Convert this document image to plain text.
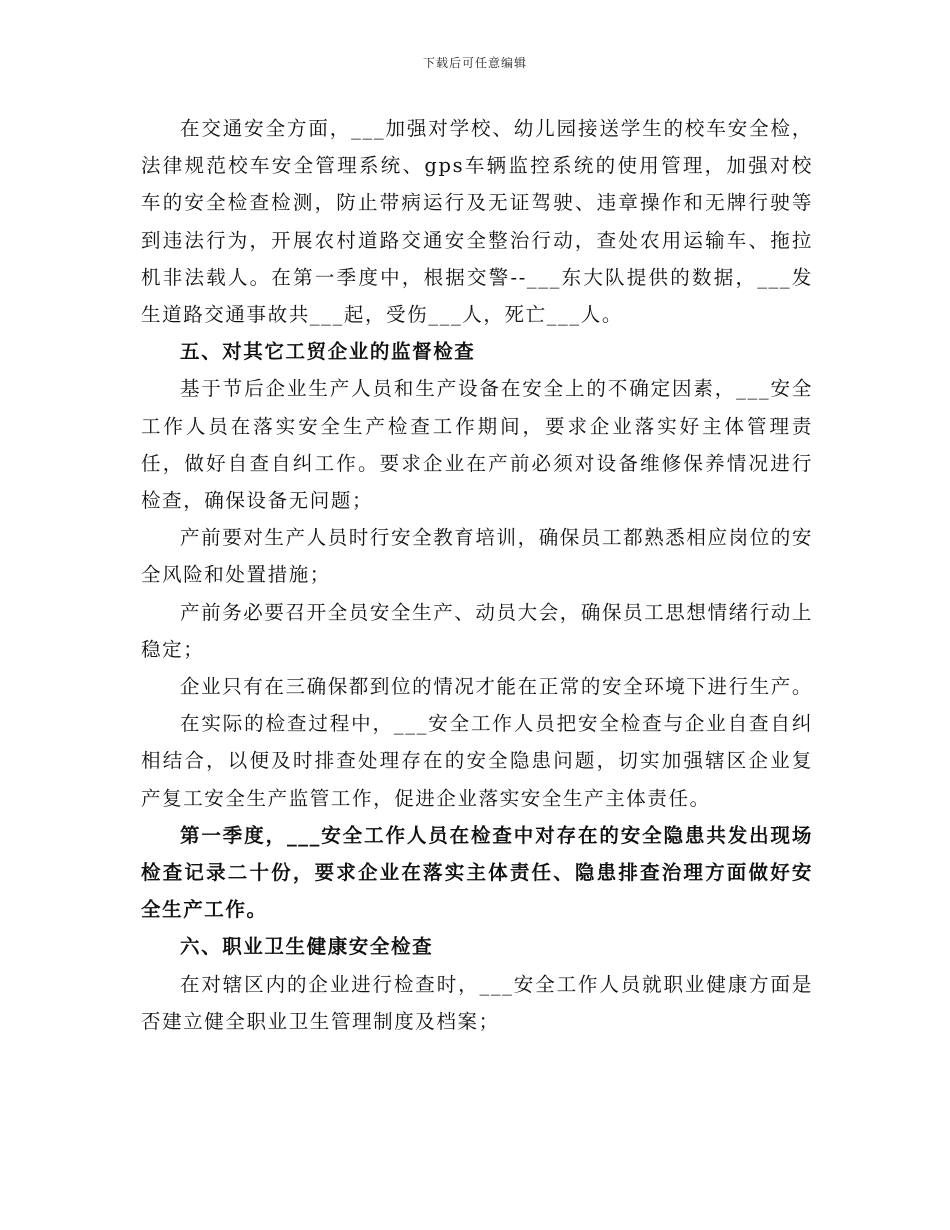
下载后可任意编辑

在交通安全方面，___加强对学校、幼儿园接送学生的校车安全检，法律规范校车安全管理系统、gps车辆监控系统的使用管理，加强对校车的安全检查检测，防止带病运行及无证驾驶、违章操作和无牌行驶等到违法行为，开展农村道路交通安全整治行动，查处农用运输车、拖拉机非法载人。在第一季度中，根据交警--___东大队提供的数据，___发生道路交通事故共___起，受伤___人，死亡___人。

五、对其它工贸企业的监督检查

基于节后企业生产人员和生产设备在安全上的不确定因素，___安全工作人员在落实安全生产检查工作期间，要求企业落实好主体管理责任，做好自查自纠工作。要求企业在产前必须对设备维修保养情况进行检查，确保设备无问题；

产前要对生产人员时行安全教育培训，确保员工都熟悉相应岗位的安全风险和处置措施；

产前务必要召开全员安全生产、动员大会，确保员工思想情绪行动上稳定；

企业只有在三确保都到位的情况才能在正常的安全环境下进行生产。

在实际的检查过程中，___安全工作人员把安全检查与企业自查自纠相结合，以便及时排查处理存在的安全隐患问题，切实加强辖区企业复产复工安全生产监管工作，促进企业落实安全生产主体责任。

第一季度，___安全工作人员在检查中对存在的安全隐患共发出现场检查记录二十份，要求企业在落实主体责任、隐患排查治理方面做好安全生产工作。

六、职业卫生健康安全检查

在对辖区内的企业进行检查时，___安全工作人员就职业健康方面是否建立健全职业卫生管理制度及档案；
